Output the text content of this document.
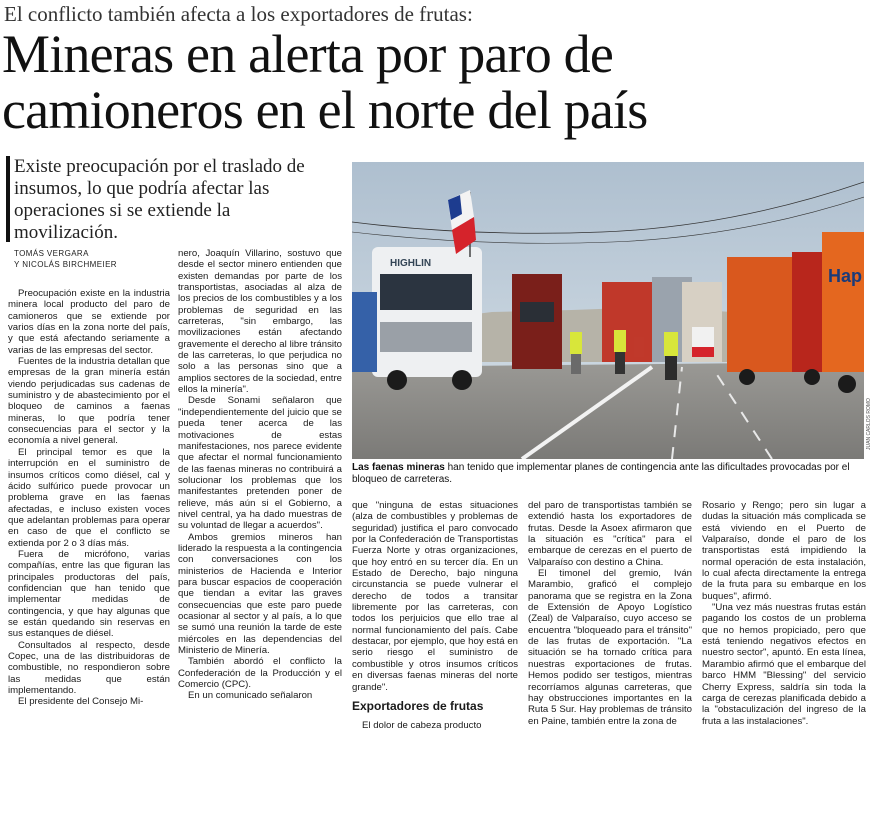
El conflicto también afecta a los exportadores de frutas:
Mineras en alerta por paro de
camioneros en el norte del país
Existe preocupación por el traslado de insumos, lo que podría afectar las operaciones si se extiende la movilización.
TOMÁS VERGARA
Y NICOLÁS BIRCHMEIER

Preocupación existe en la industria minera local producto del paro de camioneros que se extiende por varios días en la zona norte del país, y que está afectando seriamente a varias de las empresas del sector.

Fuentes de la industria detallan que empresas de la gran minería están viendo perjudicadas sus cadenas de suministro y de abastecimiento por el bloqueo de caminos a faenas mineras, lo que podría tener consecuencias para el sector y la economía a nivel general.

El principal temor es que la interrupción en el suministro de insumos críticos como diésel, cal y ácido sulfúrico puede provocar un problema grave en las faenas afectadas, e incluso existen voces que adelantan problemas para operar en caso de que el conflicto se extienda por 2 o 3 días más.

Fuera de micrófono, varias compañías, entre las que figuran las principales productoras del país, confidencian que han tenido que implementar medidas de contingencia, y que hay algunas que se están quedando sin reservas en sus estanques de diésel.

Consultados al respecto, desde Copec, una de las distribuidoras de combustible, no respondieron sobre las medidas que están implementando.

El presidente del Consejo Mi-

nero, Joaquín Villarino, sostuvo que desde el sector minero entienden que existen demandas por parte de los transportistas, asociadas al alza de los precios de los combustibles y a los problemas de seguridad en las carreteras, "sin embargo, las movilizaciones están afectando gravemente el derecho al libre tránsito de las carreteras, lo que perjudica no solo a las personas sino que a amplios sectores de la sociedad, entre ellos la minería".

Desde Sonami señalaron que "independientemente del juicio que se pueda tener acerca de las motivaciones de estas manifestaciones, nos parece evidente que afectar el normal funcionamiento de las faenas mineras no contribuirá a solucionar los problemas que los manifestantes pretenden poner de relieve, más aún si el Gobierno, a nivel central, ya ha dado muestras de su voluntad de llegar a acuerdos".

Ambos gremios mineros han liderado la respuesta a la contingencia con conversaciones con los ministerios de Hacienda e Interior para buscar espacios de cooperación que tiendan a evitar las graves consecuencias que este paro puede ocasionar al sector y al país, a lo que se sumó una reunión la tarde de este miércoles en las dependencias del Ministerio de Minería.

También abordó el conflicto la Confederación de la Producción y el Comercio (CPC).

En un comunicado señalaron

HIGHLIN
Hap
JUAN CARLOS ROMO
Las faenas mineras han tenido que implementar planes de contingencia ante las dificultades provocadas por el bloqueo de carreteras.

que "ninguna de estas situaciones (alza de combustibles y problemas de seguridad) justifica el paro convocado por la Confederación de Transportistas Fuerza Norte y otras organizaciones, que hoy entró en su tercer día. En un Estado de Derecho, bajo ninguna circunstancia se puede vulnerar el derecho de todos a transitar libremente por las carreteras, con todos los perjuicios que ello trae al normal funcionamiento del país. Cabe destacar, por ejemplo, que hoy está en serio riesgo el suministro de combustible y otros insumos críticos en diversas faenas mineras del norte grande".

Exportadores de frutas

El dolor de cabeza producto

del paro de transportistas también se extendió hasta los exportadores de frutas. Desde la Asoex afirmaron que la situación es "crítica" para el embarque de cerezas en el puerto de Valparaíso con destino a China.

El timonel del gremio, Iván Marambio, graficó el complejo panorama que se registra en la Zona de Extensión de Apoyo Logístico (Zeal) de Valparaíso, cuyo acceso se encuentra "bloqueado para el tránsito" de las frutas de exportación. "La situación se ha tornado crítica para nuestras exportaciones de frutas. Hemos podido ser testigos, mientras recorríamos algunas carreteras, que hay obstrucciones importantes en la Ruta 5 Sur. Hay problemas de tránsito en Paine, también entre la zona de

Rosario y Rengo; pero sin lugar a dudas la situación más complicada se está viviendo en el Puerto de Valparaíso, donde el paro de los transportistas está impidiendo la normal operación de esta instalación, lo cual afecta directamente la entrega de la fruta para su embarque en los buques", afirmó.

"Una vez más nuestras frutas están pagando los costos de un problema que no hemos propiciado, pero que está teniendo negativos efectos en nuestro sector", apuntó. En esta línea, Marambio afirmó que el embarque del barco HMM "Blessing" del servicio Cherry Express, saldría sin toda la carga de cerezas planificada debido a la "obstaculización del ingreso de la fruta a las instalaciones".
